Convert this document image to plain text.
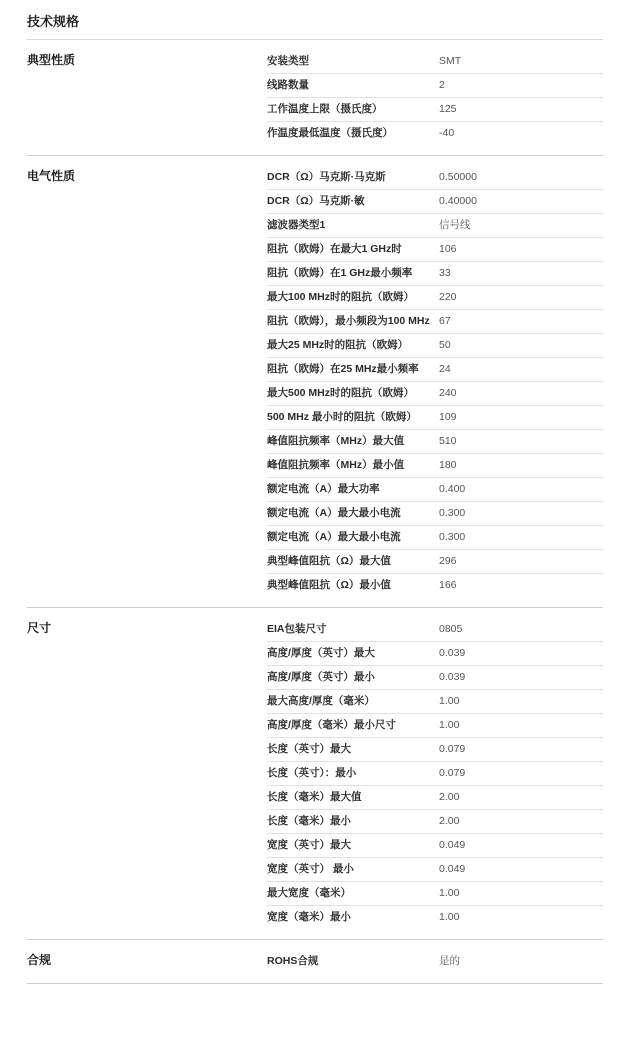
技术规格
典型性质	安装类型	SMT
线路数量	2
工作温度上限（摄氏度）	125
作温度最低温度（摄氏度）	-40
电气性质	DCR（Ω）马克斯·马克斯	0.50000
DCR（Ω）马克斯·敏	0.40000
滤波器类型1	信号线
阻抗（欧姆）在最大1 GHz时	106
阻抗（欧姆）在1 GHz最小频率	33
最大100 MHz时的阻抗（欧姆）	220
阻抗（欧姆），最小频段为100 MHz 67
最大25 MHz时的阻抗（欧姆）	50
阻抗（欧姆）在25 MHz最小频率	24
最大500 MHz时的阻抗（欧姆）	240
500 MHz 最小时的阻抗（欧姆）	109
峰值阻抗频率（MHz）最大值	510
峰值阻抗频率（MHz）最小值	180
额定电流（A）最大功率	0.400
额定电流（A）最大最小电流	0.300
额定电流（A）最大最小电流	0.300
典型峰值阻抗（Ω）最大值	296
典型峰值阻抗（Ω）最小值	166
尺寸	EIA包装尺寸	0805
高度/厚度（英寸）最大	0.039
高度/厚度（英寸）最小	0.039
最大高度/厚度（毫米）	1.00
高度/厚度（毫米）最小尺寸	1.00
长度（英寸）最大	0.079
长度（英寸）：最小	0.079
长度（毫米）最大值	2.00
长度（毫米）最小	2.00
宽度（英寸）最大	0.049
宽度（英寸） 最小	0.049
最大宽度（毫米）	1.00
宽度（毫米）最小	1.00
合规	ROHS合规	是的
